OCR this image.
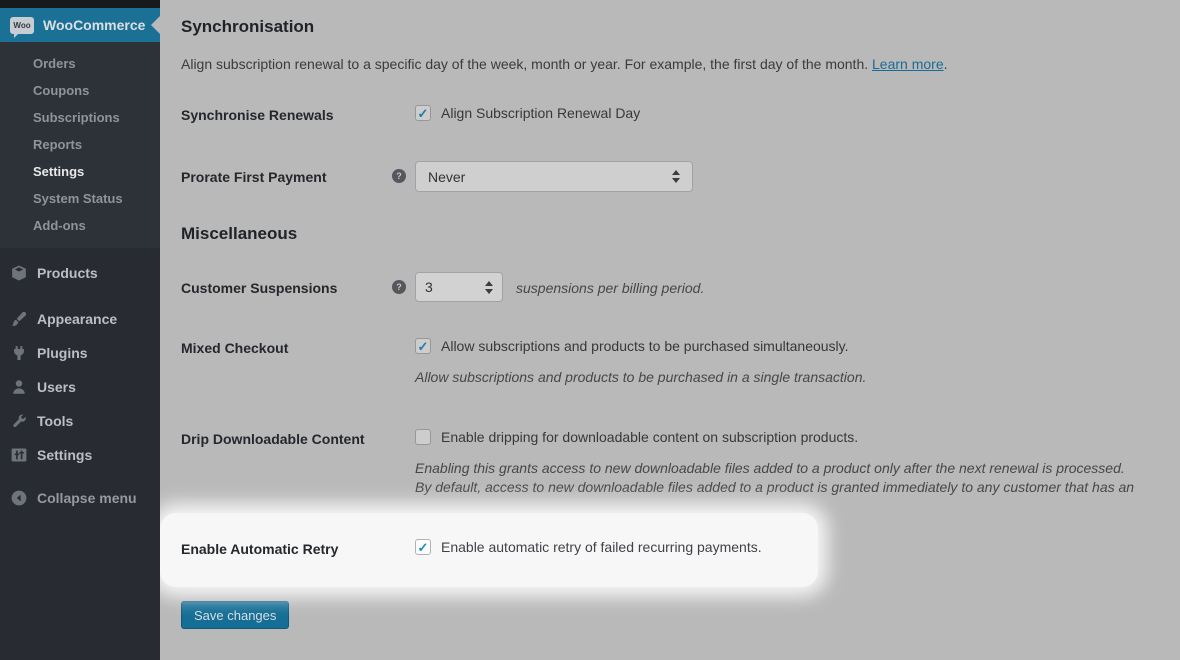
Woo WooCommerce
Orders
Coupons
Subscriptions
Reports
Settings
System Status
Add-ons
Products
Appearance
Plugins
Users
Tools
Settings
Collapse menu
Synchronisation
Align subscription renewal to a specific day of the week, month or year. For example, the first day of the month. Learn more.
Synchronise Renewals	✓ Align Subscription Renewal Day
Prorate First Payment	?	Never
Miscellaneous
Customer Suspensions	?	3	suspensions per billing period.
Mixed Checkout	✓ Allow subscriptions and products to be purchased simultaneously.
Allow subscriptions and products to be purchased in a single transaction.
Drip Downloadable Content	Enable dripping for downloadable content on subscription products.
Enabling this grants access to new downloadable files added to a product only after the next renewal is processed.
By default, access to new downloadable files added to a product is granted immediately to any customer that has an
Enable Automatic Retry	✓ Enable automatic retry of failed recurring payments.
Save changes
